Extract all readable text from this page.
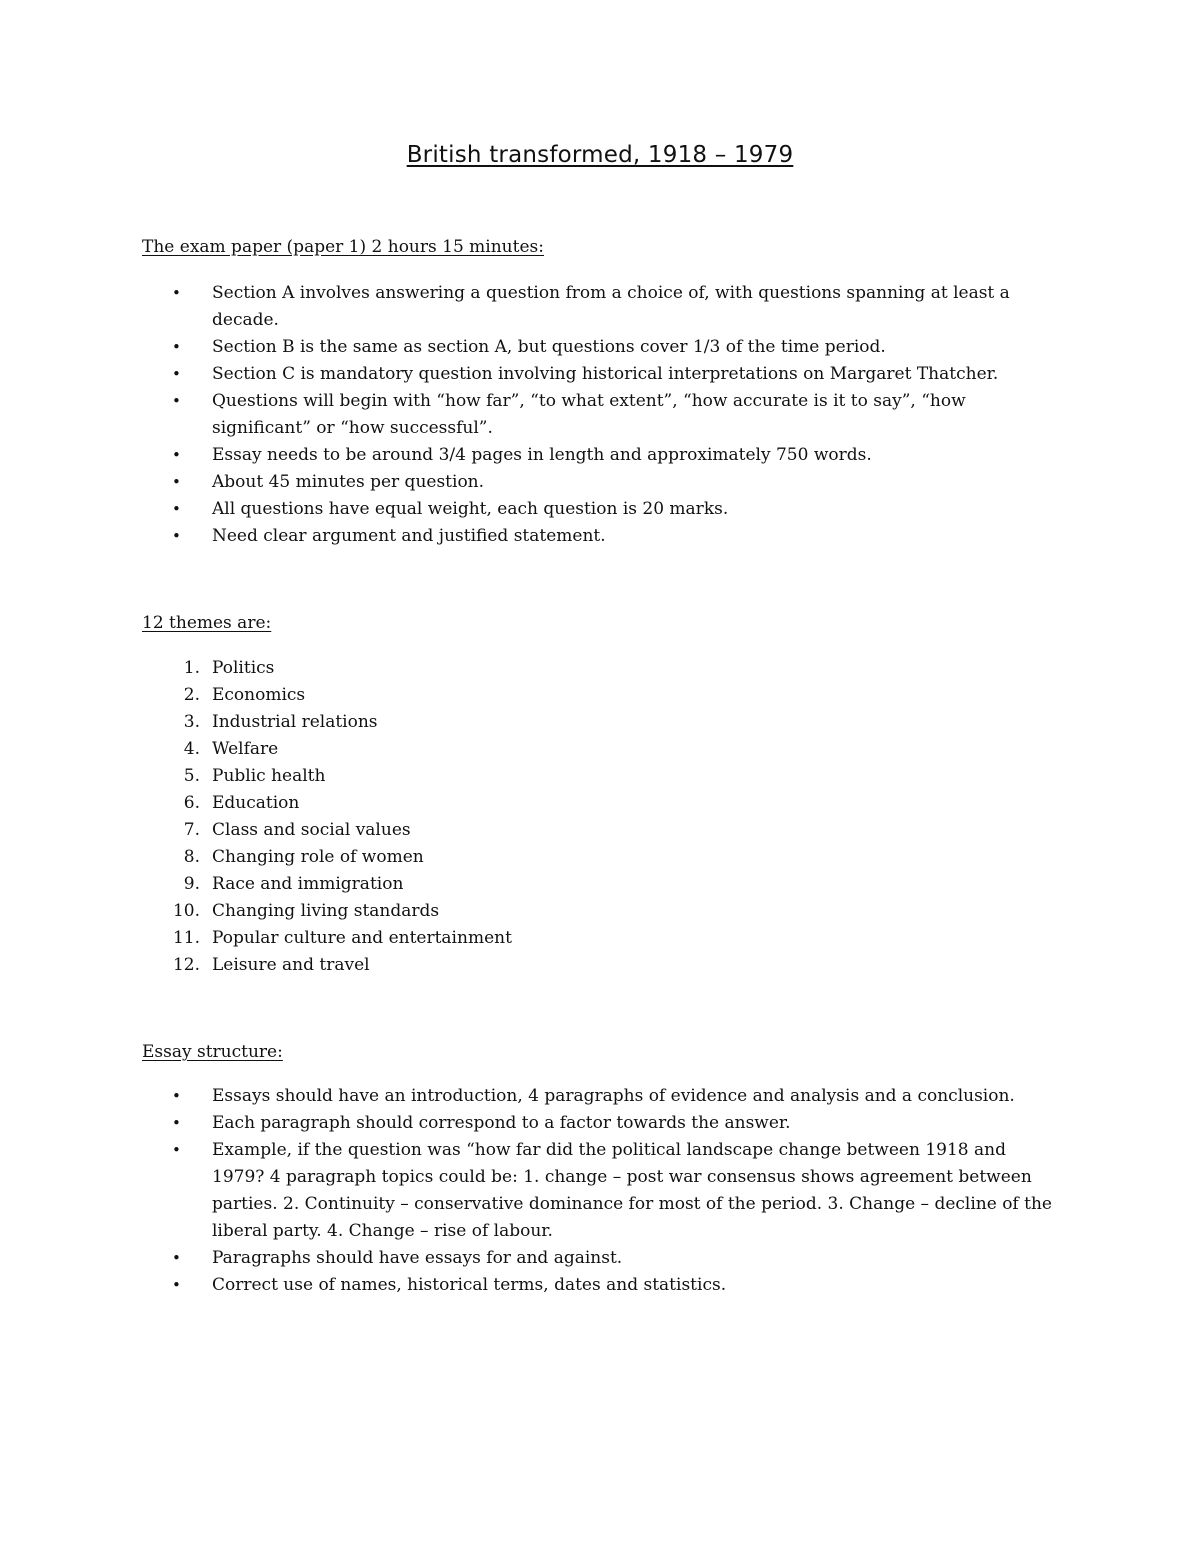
British transformed, 1918 – 1979
The exam paper (paper 1) 2 hours 15 minutes:
• Section A involves answering a question from a choice of, with questions spanning at least a decade.
• Section B is the same as section A, but questions cover 1/3 of the time period.
• Section C is mandatory question involving historical interpretations on Margaret Thatcher.
• Questions will begin with “how far”, “to what extent”, “how accurate is it to say”, “how significant” or “how successful”.
• Essay needs to be around 3/4 pages in length and approximately 750 words.
• About 45 minutes per question.
• All questions have equal weight, each question is 20 marks.
• Need clear argument and justified statement.
12 themes are:
1. Politics
2. Economics
3. Industrial relations
4. Welfare
5. Public health
6. Education
7. Class and social values
8. Changing role of women
9. Race and immigration
10. Changing living standards
11. Popular culture and entertainment
12. Leisure and travel
Essay structure:
• Essays should have an introduction, 4 paragraphs of evidence and analysis and a conclusion.
• Each paragraph should correspond to a factor towards the answer.
• Example, if the question was “how far did the political landscape change between 1918 and 1979? 4 paragraph topics could be: 1. change – post war consensus shows agreement between parties. 2. Continuity – conservative dominance for most of the period. 3. Change – decline of the liberal party. 4. Change – rise of labour.
• Paragraphs should have essays for and against.
• Correct use of names, historical terms, dates and statistics.
